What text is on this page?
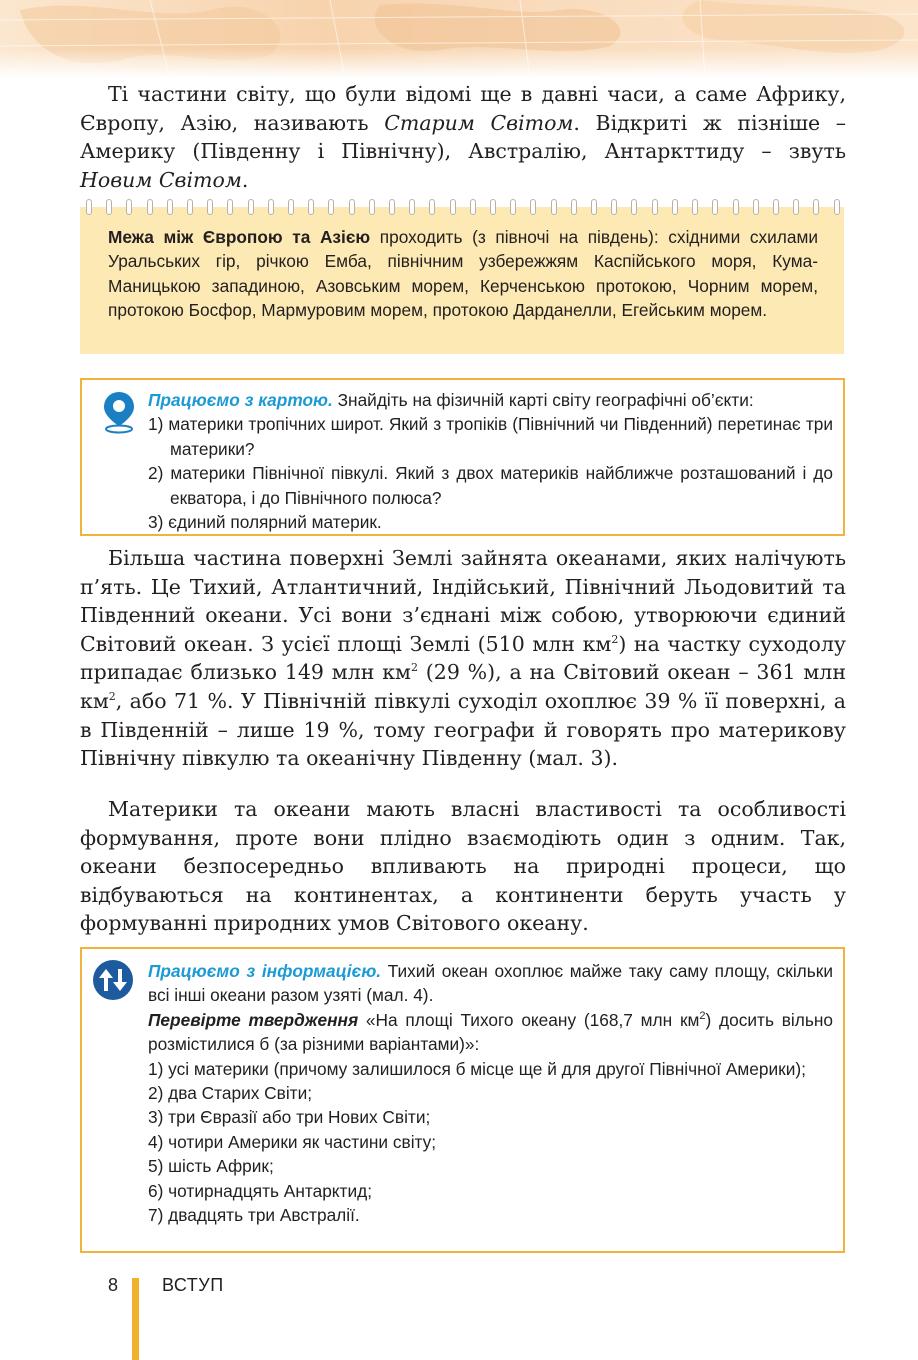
Ті частини світу, що були відомі ще в давні часи, а саме Африку, Європу, Азію, називають Старим Світом. Відкриті ж пізніше – Америку (Південну і Північну), Австралію, Антаркттиду – звуть Новим Світом.

Межа між Європою та Азією проходить (з півночі на південь): східними схилами Уральських гір, річкою Емба, північним узбережжям Каспійського моря, Кума-Маницькою западиною, Азовським морем, Керченською протокою, Чорним морем, протокою Босфор, Мармуровим морем, протокою Дарданелли, Егейським морем.
Працюємо з картою. Знайдіть на фізичній карті світу географічні об’єкти:
1) материки тропічних широт. Який з тропіків (Північний чи Південний) перетинає три материки?
2) материки Північної півкулі. Який з двох материків найближче розташований і до екватора, і до Північного полюса?
3) єдиний полярний материк.

Більша частина поверхні Землі зайнята океанами, яких налічують п’ять. Це Тихий, Атлантичний, Індійський, Північний Льодовитий та Південний океани. Усі вони з’єднані між собою, утворюючи єдиний Світовий океан. З усієї площі Землі (510 млн $км^2$) на частку суходолу припадає близько 149 млн $км^2$ (29 %), а на Світовий океан – 361 млн $км^2$, або 71 %. У Північній півкулі суходіл охоплює 39 % її поверхні, а в Південній – лише 19 %, тому географи й говорять про материкову Північну півкулю та океанічну Південну (мал. 3).

Материки та океани мають власні властивості та особливості формування, проте вони плідно взаємодіють один з одним. Так, океани безпосередньо впливають на природні процеси, що відбуваються на континентах, а континенти беруть участь у формуванні природних умов Світового океану.

Працюємо з інформацією. Тихий океан охоплює майже таку саму площу, скільки всі інші океани разом узяті (мал. 4).
Перевірте твердження «На площі Тихого океану (168,7 млн $км^2$) досить вільно розмістилися б (за різними варіантами)»:
1) усі материки (причому залишилося б місце ще й для другої Північної Америки);
2) два Старих Світи;
3) три Євразії або три Нових Світи;
4) чотири Америки як частини світу;
5) шість Африк;
6) чотирнадцять Антарктид;
7) двадцять три Австралії.
8 ВСТУП
